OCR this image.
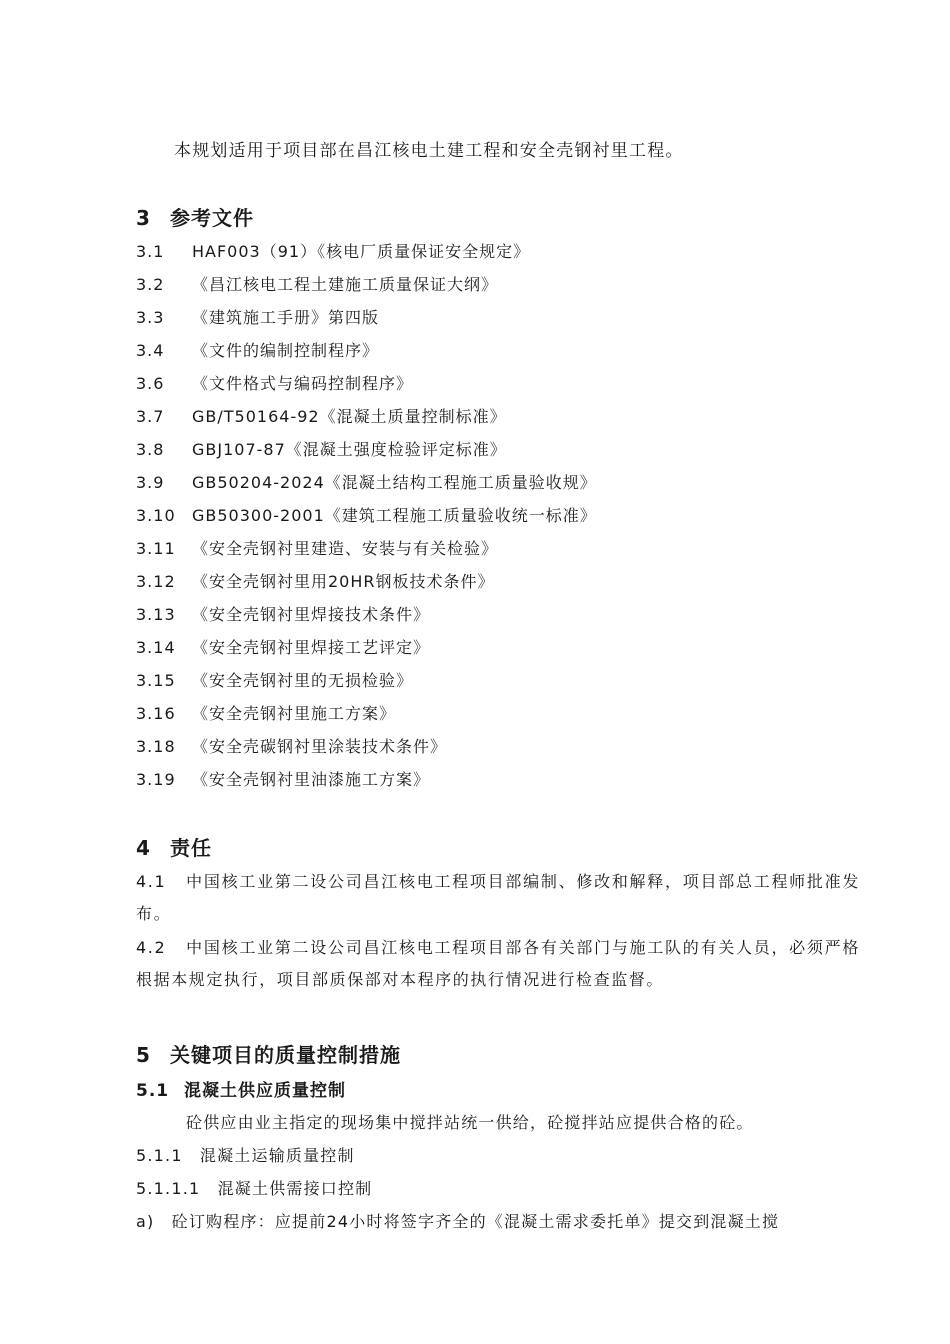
本规划适用于项目部在昌江核电土建工程和安全壳钢衬里工程。
3 参考文件
3.1 HAF003（91）《核电厂质量保证安全规定》
3.2 《昌江核电工程土建施工质量保证大纲》
3.3 《建筑施工手册》第四版
3.4 《文件的编制控制程序》
3.6 《文件格式与编码控制程序》
3.7 GB/T50164-92《混凝土质量控制标准》
3.8 GBJ107-87《混凝土强度检验评定标准》
3.9 GB50204-2024《混凝土结构工程施工质量验收规》
3.10 GB50300-2001《建筑工程施工质量验收统一标准》
3.11 《安全壳钢衬里建造、安装与有关检验》
3.12 《安全壳钢衬里用20HR钢板技术条件》
3.13 《安全壳钢衬里焊接技术条件》
3.14 《安全壳钢衬里焊接工艺评定》
3.15 《安全壳钢衬里的无损检验》
3.16 《安全壳钢衬里施工方案》
3.18 《安全壳碳钢衬里涂装技术条件》
3.19 《安全壳钢衬里油漆施工方案》
4 责任
4.1 中国核工业第二设公司昌江核电工程项目部编制、修改和解释，项目部总工程师批准发布。
4.2 中国核工业第二设公司昌江核电工程项目部各有关部门与施工队的有关人员，必须严格根据本规定执行，项目部质保部对本程序的执行情况进行检查监督。
5 关键项目的质量控制措施
5.1 混凝土供应质量控制
砼供应由业主指定的现场集中搅拌站统一供给，砼搅拌站应提供合格的砼。
5.1.1　混凝土运输质量控制
5.1.1.1　混凝土供需接口控制
a)　砼订购程序：应提前24小时将签字齐全的《混凝土需求委托单》提交到混凝土搅
